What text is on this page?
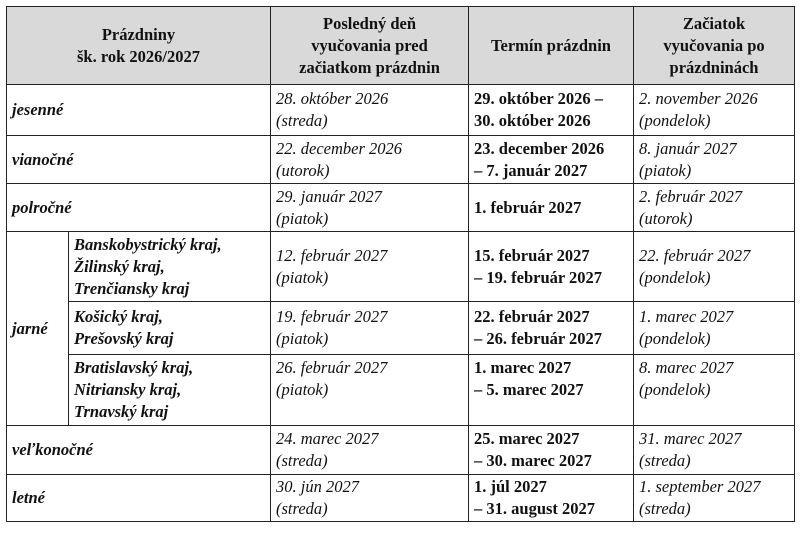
Prázdniny
šk. rok 2026/2027		Posledný deň
vyučovania pred
začiatkom prázdnin	Termín prázdnin	Začiatok
vyučovania po
prázdninách

jesenné		28. október 2026
(streda)	29. október 2026 –
30. október 2026	2. november 2026
(pondelok)

vianočné		22. december 2026
(utorok)	23. december 2026
– 7. január 2027	8. január 2027
(piatok)

polročné		29. január 2027
(piatok)	1. február 2027	2. február 2027
(utorok)

jarné	Banskobystrický kraj,
Žilinský kraj,
Trenčiansky kraj	12. február 2027
(piatok)	15. február 2027
– 19. február 2027	22. február 2027
(pondelok)

	Košický kraj,
Prešovský kraj	19. február 2027
(piatok)	22. február 2027
– 26. február 2027	1. marec 2027
(pondelok)

	Bratislavský kraj,
Nitriansky kraj,
Trnavský kraj	26. február 2027
(piatok)	1. marec 2027
– 5. marec 2027	8. marec 2027
(pondelok)

veľkonočné		24. marec 2027
(streda)	25. marec 2027
– 30. marec 2027	31. marec 2027
(streda)

letné		30. jún 2027
(streda)	1. júl 2027
– 31. august 2027	1. september 2027
(streda)
